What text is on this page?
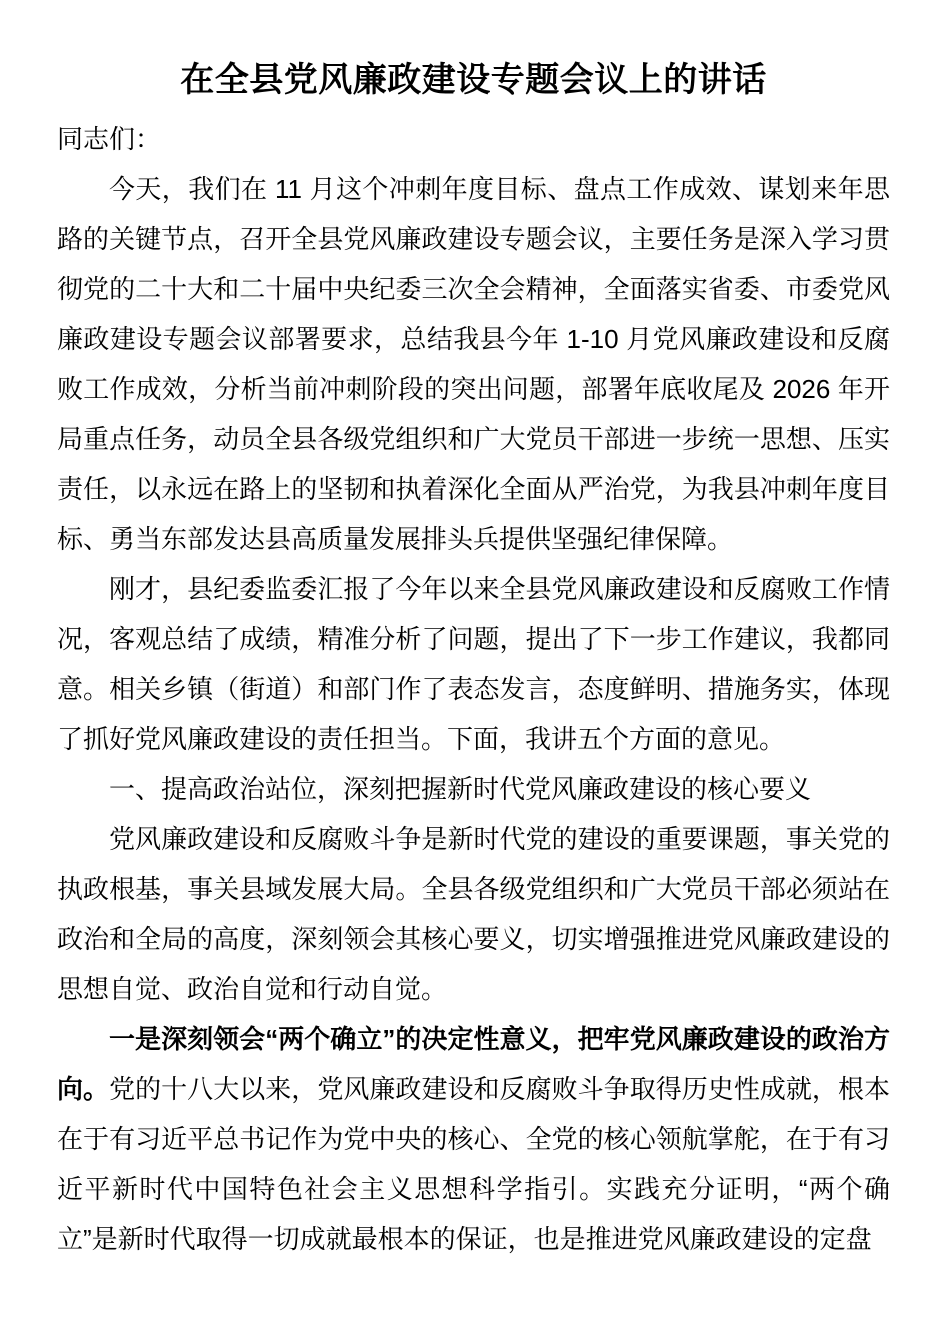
在全县党风廉政建设专题会议上的讲话

同志们：

今天，我们在 11 月这个冲刺年度目标、盘点工作成效、谋划来年思路的关键节点，召开全县党风廉政建设专题会议，主要任务是深入学习贯彻党的二十大和二十届中央纪委三次全会精神，全面落实省委、市委党风廉政建设专题会议部署要求，总结我县今年 1-10 月党风廉政建设和反腐败工作成效，分析当前冲刺阶段的突出问题，部署年底收尾及 2026 年开局重点任务，动员全县各级党组织和广大党员干部进一步统一思想、压实责任，以永远在路上的坚韧和执着深化全面从严治党，为我县冲刺年度目标、勇当东部发达县高质量发展排头兵提供坚强纪律保障。

刚才，县纪委监委汇报了今年以来全县党风廉政建设和反腐败工作情况，客观总结了成绩，精准分析了问题，提出了下一步工作建议，我都同意。相关乡镇（街道）和部门作了表态发言，态度鲜明、措施务实，体现了抓好党风廉政建设的责任担当。下面，我讲五个方面的意见。

一、提高政治站位，深刻把握新时代党风廉政建设的核心要义

党风廉政建设和反腐败斗争是新时代党的建设的重要课题，事关党的执政根基，事关县域发展大局。全县各级党组织和广大党员干部必须站在政治和全局的高度，深刻领会其核心要义，切实增强推进党风廉政建设的思想自觉、政治自觉和行动自觉。

一是深刻领会“两个确立”的决定性意义，把牢党风廉政建设的政治方向。党的十八大以来，党风廉政建设和反腐败斗争取得历史性成就，根本在于有习近平总书记作为党中央的核心、全党的核心领航掌舵，在于有习近平新时代中国特色社会主义思想科学指引。实践充分证明，“两个确立”是新时代取得一切成就最根本的保证，也是推进党风廉政建设的定盘
